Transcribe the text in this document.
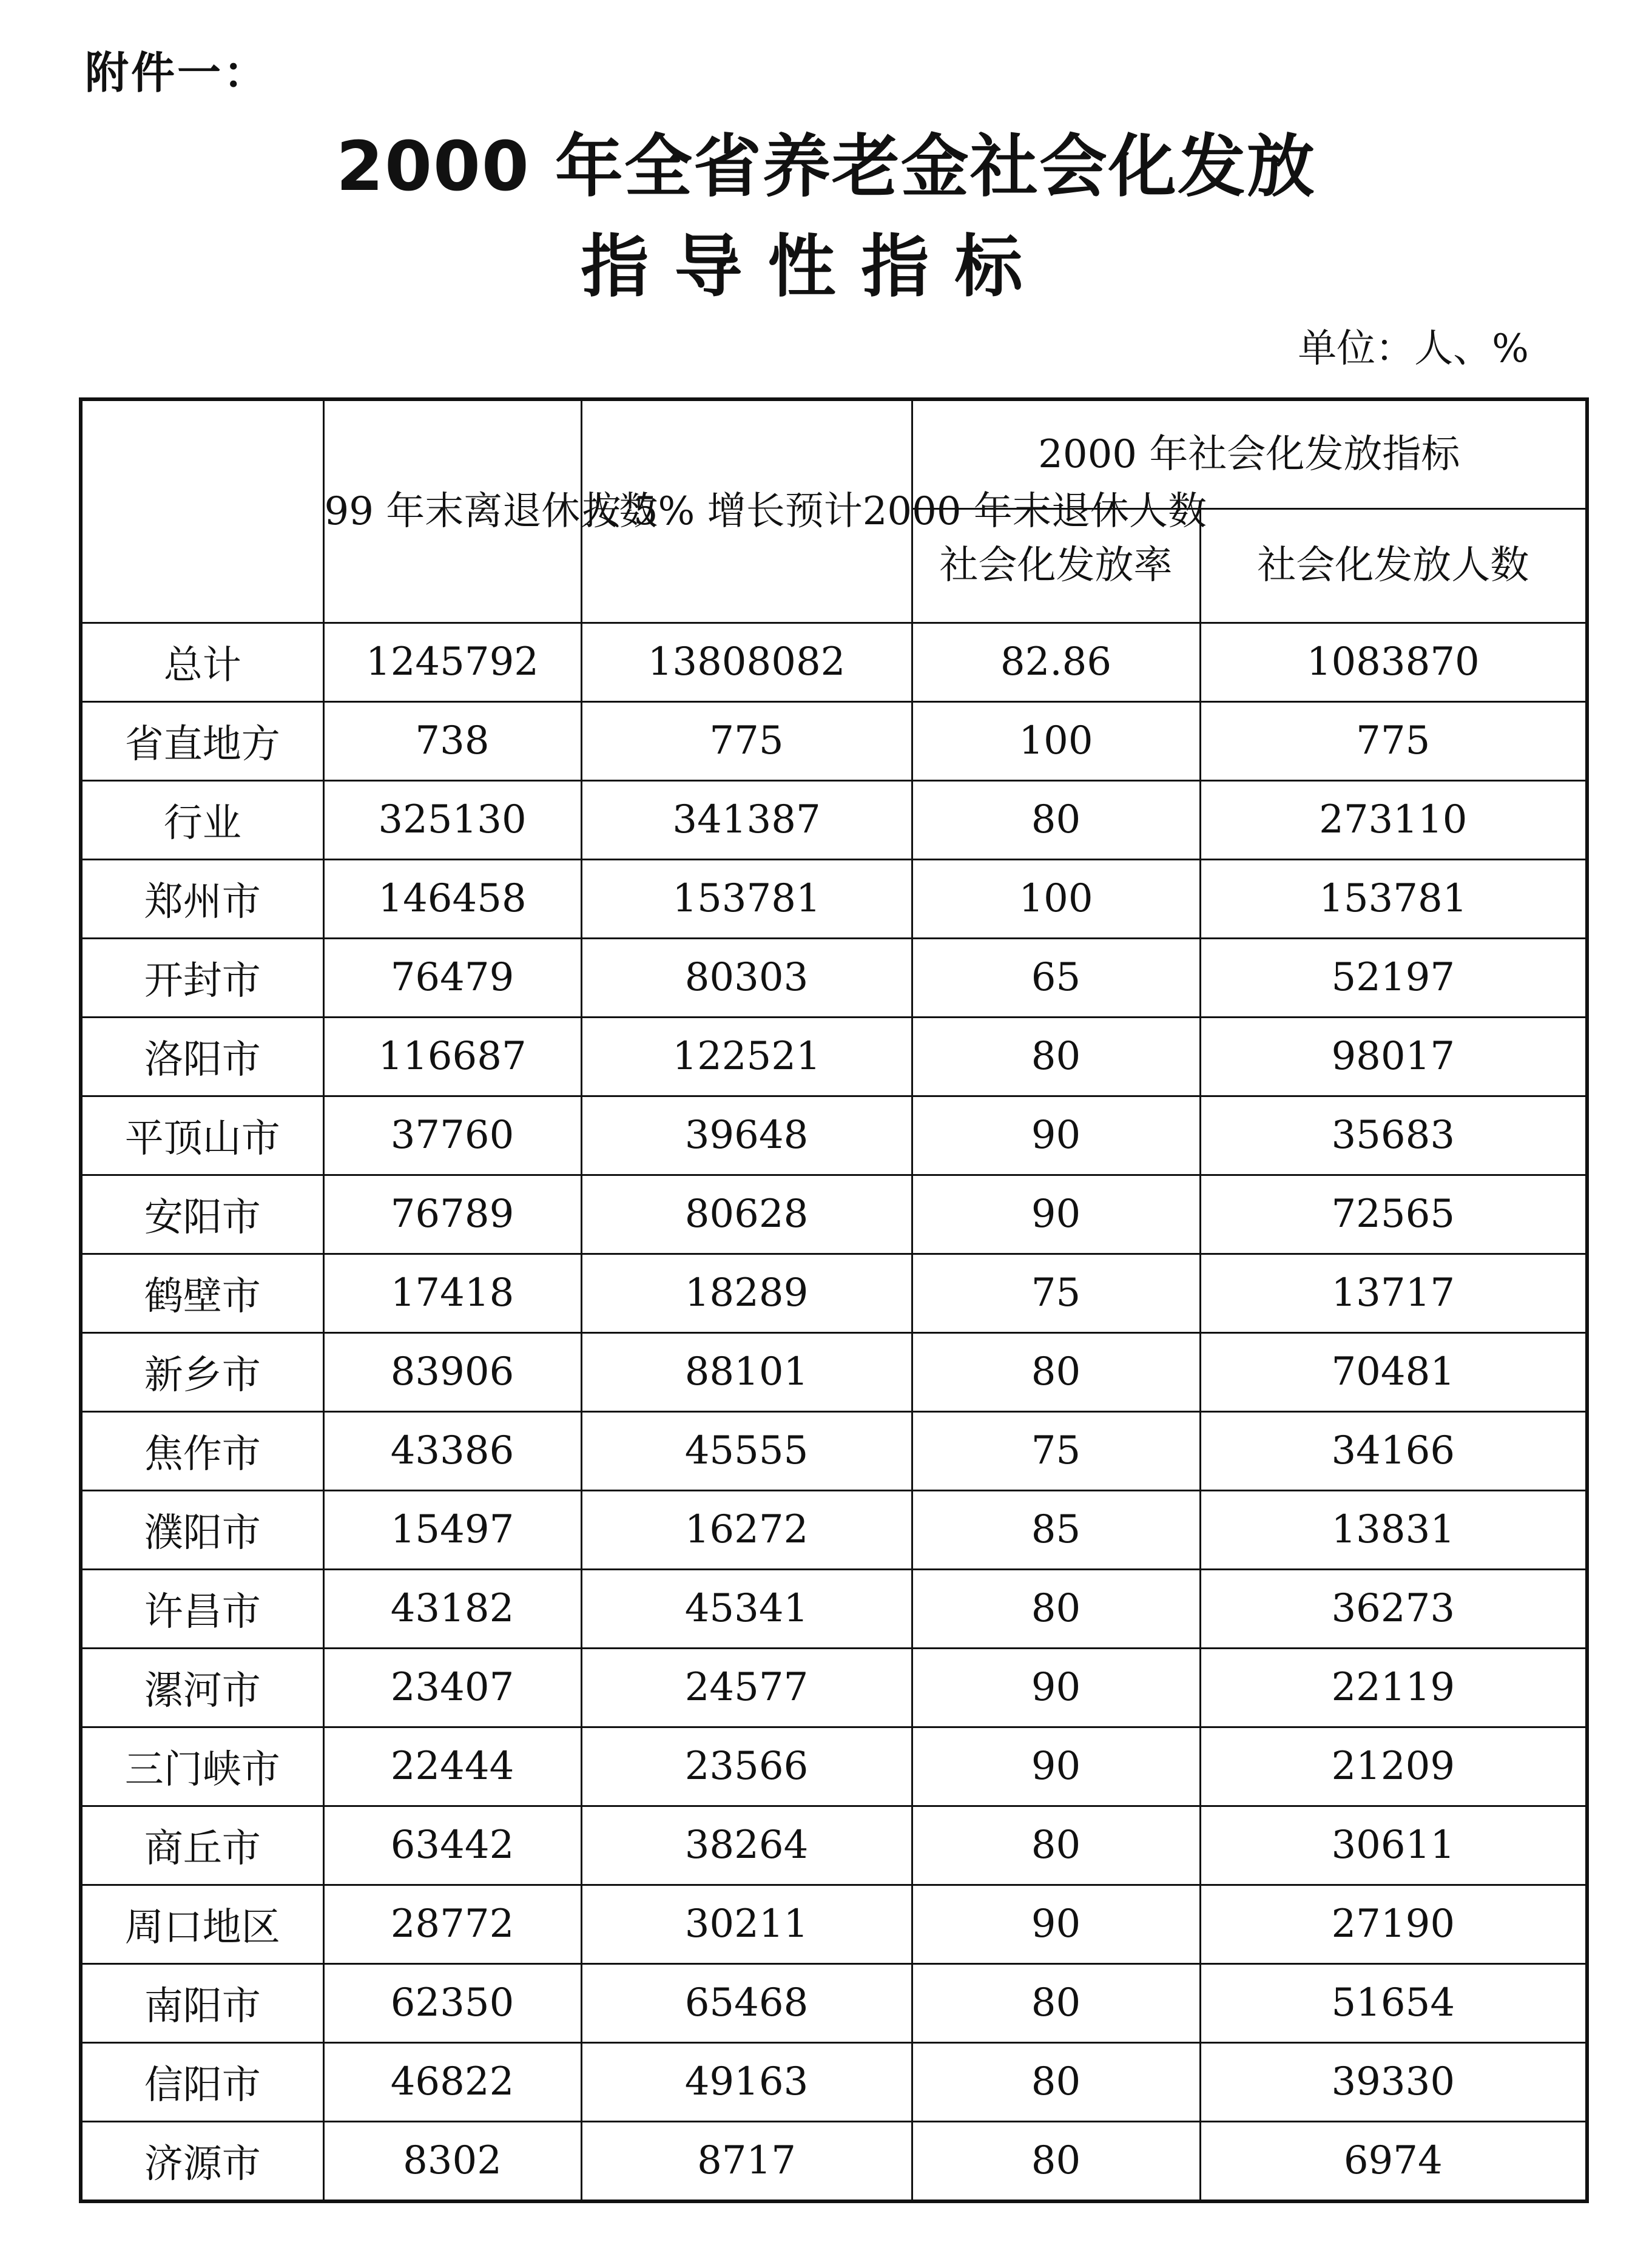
附件一：
2000 年全省养老金社会化发放
指导性指标
单位：人、%
	99 年末离退休人数	按 5% 增长预计2000 年末退休人数	2000 年社会化发放指标	
			社会化发放率	社会化发放人数
总计	1245792	13808082	82.86	1083870
省直地方	738	775	100	775
行业	325130	341387	80	273110
郑州市	146458	153781	100	153781
开封市	76479	80303	65	52197
洛阳市	116687	122521	80	98017
平顶山市	37760	39648	90	35683
安阳市	76789	80628	90	72565
鹤壁市	17418	18289	75	13717
新乡市	83906	88101	80	70481
焦作市	43386	45555	75	34166
濮阳市	15497	16272	85	13831
许昌市	43182	45341	80	36273
漯河市	23407	24577	90	22119
三门峡市	22444	23566	90	21209
商丘市	63442	38264	80	30611
周口地区	28772	30211	90	27190
南阳市	62350	65468	80	51654
信阳市	46822	49163	80	39330
济源市	8302	8717	80	6974
